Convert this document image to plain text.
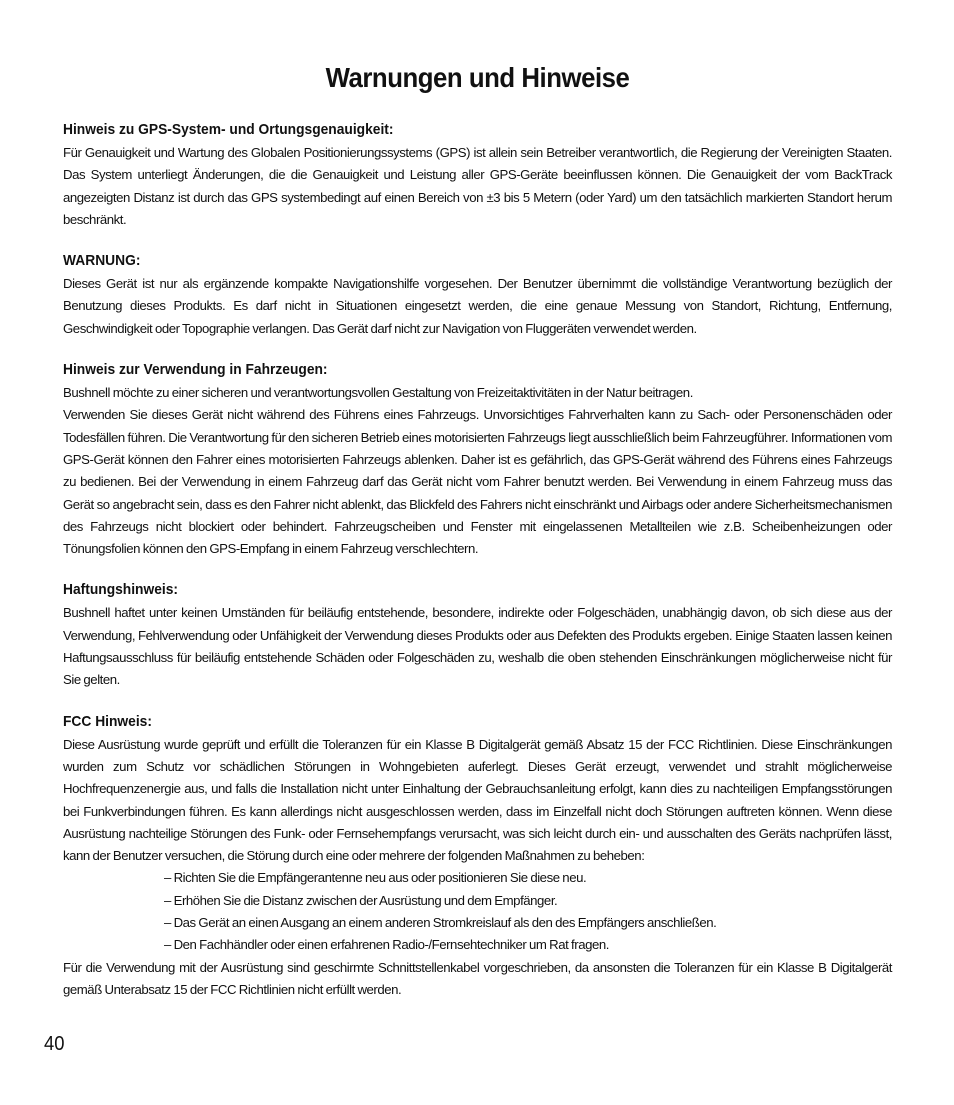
Warnungen und Hinweise
Hinweis zu GPS-System- und Ortungsgenauigkeit:

Für Genauigkeit und Wartung des Globalen Positionierungssystems (GPS) ist allein sein Betreiber verantwortlich, die Regierung der Vereinigten Staaten. Das System unterliegt Änderungen, die die Genauigkeit und Leistung aller GPS-Geräte beeinflussen können. Die Genauigkeit der vom BackTrack angezeigten Distanz ist durch das GPS systembedingt auf einen Bereich von ±3 bis 5 Metern (oder Yard) um den tatsächlich markierten Standort herum beschränkt.

WARNUNG:

Dieses Gerät ist nur als ergänzende kompakte Navigationshilfe vorgesehen. Der Benutzer übernimmt die vollständige Verantwortung bezüglich der Benutzung dieses Produkts. Es darf nicht in Situationen eingesetzt werden, die eine genaue Messung von Standort, Richtung, Entfernung, Geschwindigkeit oder Topographie verlangen. Das Gerät darf nicht zur Navigation von Fluggeräten verwendet werden.

Hinweis zur Verwendung in Fahrzeugen:

Bushnell möchte zu einer sicheren und verantwortungsvollen Gestaltung von Freizeitaktivitäten in der Natur beitragen.

Verwenden Sie dieses Gerät nicht während des Führens eines Fahrzeugs. Unvorsichtiges Fahrverhalten kann zu Sach- oder Personenschäden oder Todesfällen führen. Die Verantwortung für den sicheren Betrieb eines motorisierten Fahrzeugs liegt ausschließlich beim Fahrzeugführer. Informationen vom GPS-Gerät können den Fahrer eines motorisierten Fahrzeugs ablenken. Daher ist es gefährlich, das GPS-Gerät während des Führens eines Fahrzeugs zu bedienen. Bei der Verwendung in einem Fahrzeug darf das Gerät nicht vom Fahrer benutzt werden. Bei Verwendung in einem Fahrzeug muss das Gerät so angebracht sein, dass es den Fahrer nicht ablenkt, das Blickfeld des Fahrers nicht einschränkt und Airbags oder andere Sicherheitsmechanismen des Fahrzeugs nicht blockiert oder behindert. Fahrzeugscheiben und Fenster mit eingelassenen Metallteilen wie z.B. Scheibenheizungen oder Tönungsfolien können den GPS-Empfang in einem Fahrzeug verschlechtern.

Haftungshinweis:

Bushnell haftet unter keinen Umständen für beiläufig entstehende, besondere, indirekte oder Folgeschäden, unabhängig davon, ob sich diese aus der Verwendung, Fehlverwendung oder Unfähigkeit der Verwendung dieses Produkts oder aus Defekten des Produkts ergeben. Einige Staaten lassen keinen Haftungsausschluss für beiläufig entstehende Schäden oder Folgeschäden zu, weshalb die oben stehenden Einschränkungen möglicherweise nicht für Sie gelten.

FCC Hinweis:

Diese Ausrüstung wurde geprüft und erfüllt die Toleranzen für ein Klasse B Digitalgerät gemäß Absatz 15 der FCC Richtlinien. Diese Einschränkungen wurden zum Schutz vor schädlichen Störungen in Wohngebieten auferlegt. Dieses Gerät erzeugt, verwendet und strahlt möglicherweise Hochfrequenzenergie aus, und falls die Installation nicht unter Einhaltung der Gebrauchsanleitung erfolgt, kann dies zu nachteiligen Empfangsstörungen bei Funkverbindungen führen. Es kann allerdings nicht ausgeschlossen werden, dass im Einzelfall nicht doch Störungen auftreten können. Wenn diese Ausrüstung nachteilige Störungen des Funk- oder Fernsehempfangs verursacht, was sich leicht durch ein- und ausschalten des Geräts nachprüfen lässt, kann der Benutzer versuchen, die Störung durch eine oder mehrere der folgenden Maßnahmen zu beheben:

– Richten Sie die Empfängerantenne neu aus oder positionieren Sie diese neu.
– Erhöhen Sie die Distanz zwischen der Ausrüstung und dem Empfänger.
– Das Gerät an einen Ausgang an einem anderen Stromkreislauf als den des Empfängers anschließen.
– Den Fachhändler oder einen erfahrenen Radio-/Fernsehtechniker um Rat fragen.

Für die Verwendung mit der Ausrüstung sind geschirmte Schnittstellenkabel vorgeschrieben, da ansonsten die Toleranzen für ein Klasse B Digitalgerät gemäß Unterabsatz 15 der FCC Richtlinien nicht erfüllt werden.

40
